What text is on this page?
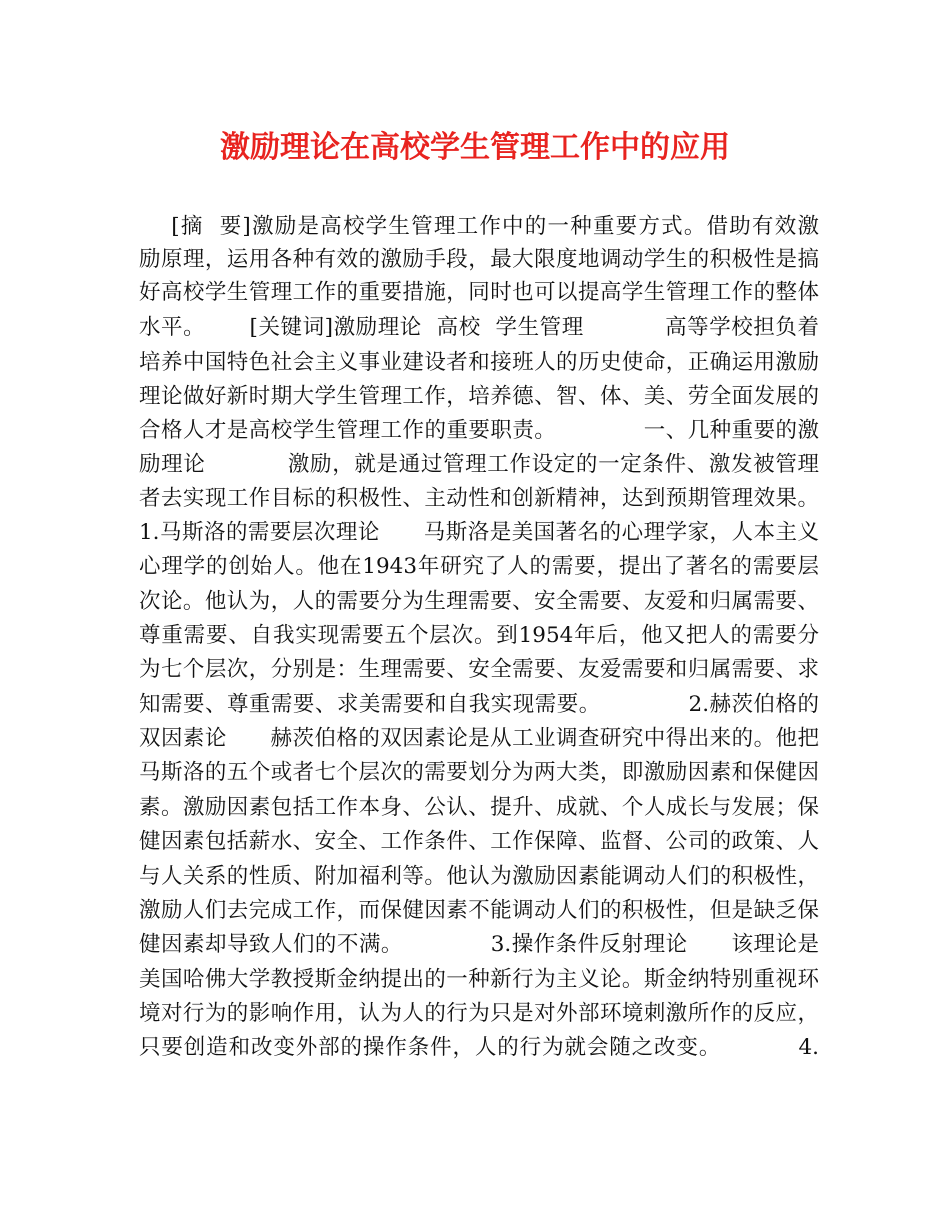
激励理论在高校学生管理工作中的应用
[摘  要]激励是高校学生管理工作中的一种重要方式。借助有效激
励原理，运用各种有效的激励手段，最大限度地调动学生的积极性是搞
好高校学生管理工作的重要措施，同时也可以提高学生管理工作的整体
水平。      [关键词]激励理论  高校  学生管理           高等学校担负着
培养中国特色社会主义事业建设者和接班人的历史使命，正确运用激励
理论做好新时期大学生管理工作，培养德、智、体、美、劳全面发展的
合格人才是高校学生管理工作的重要职责。            一、几种重要的激
励理论           激励，就是通过管理工作设定的一定条件、激发被管理
者去实现工作目标的积极性、主动性和创新精神，达到预期管理效果。
1.马斯洛的需要层次理论      马斯洛是美国著名的心理学家，人本主义
心理学的创始人。他在1943年研究了人的需要，提出了著名的需要层
次论。他认为，人的需要分为生理需要、安全需要、友爱和归属需要、
尊重需要、自我实现需要五个层次。到1954年后，他又把人的需要分
为七个层次，分别是：生理需要、安全需要、友爱需要和归属需要、求
知需要、尊重需要、求美需要和自我实现需要。            2.赫茨伯格的
双因素论      赫茨伯格的双因素论是从工业调查研究中得出来的。他把
马斯洛的五个或者七个层次的需要划分为两大类，即激励因素和保健因
素。激励因素包括工作本身、公认、提升、成就、个人成长与发展；保
健因素包括薪水、安全、工作条件、工作保障、监督、公司的政策、人
与人关系的性质、附加福利等。他认为激励因素能调动人们的积极性，
激励人们去完成工作，而保健因素不能调动人们的积极性，但是缺乏保
健因素却导致人们的不满。            3.操作条件反射理论      该理论是
美国哈佛大学教授斯金纳提出的一种新行为主义论。斯金纳特别重视环
境对行为的影响作用，认为人的行为只是对外部环境刺激所作的反应，
只要创造和改变外部的操作条件，人的行为就会随之改变。          4.
